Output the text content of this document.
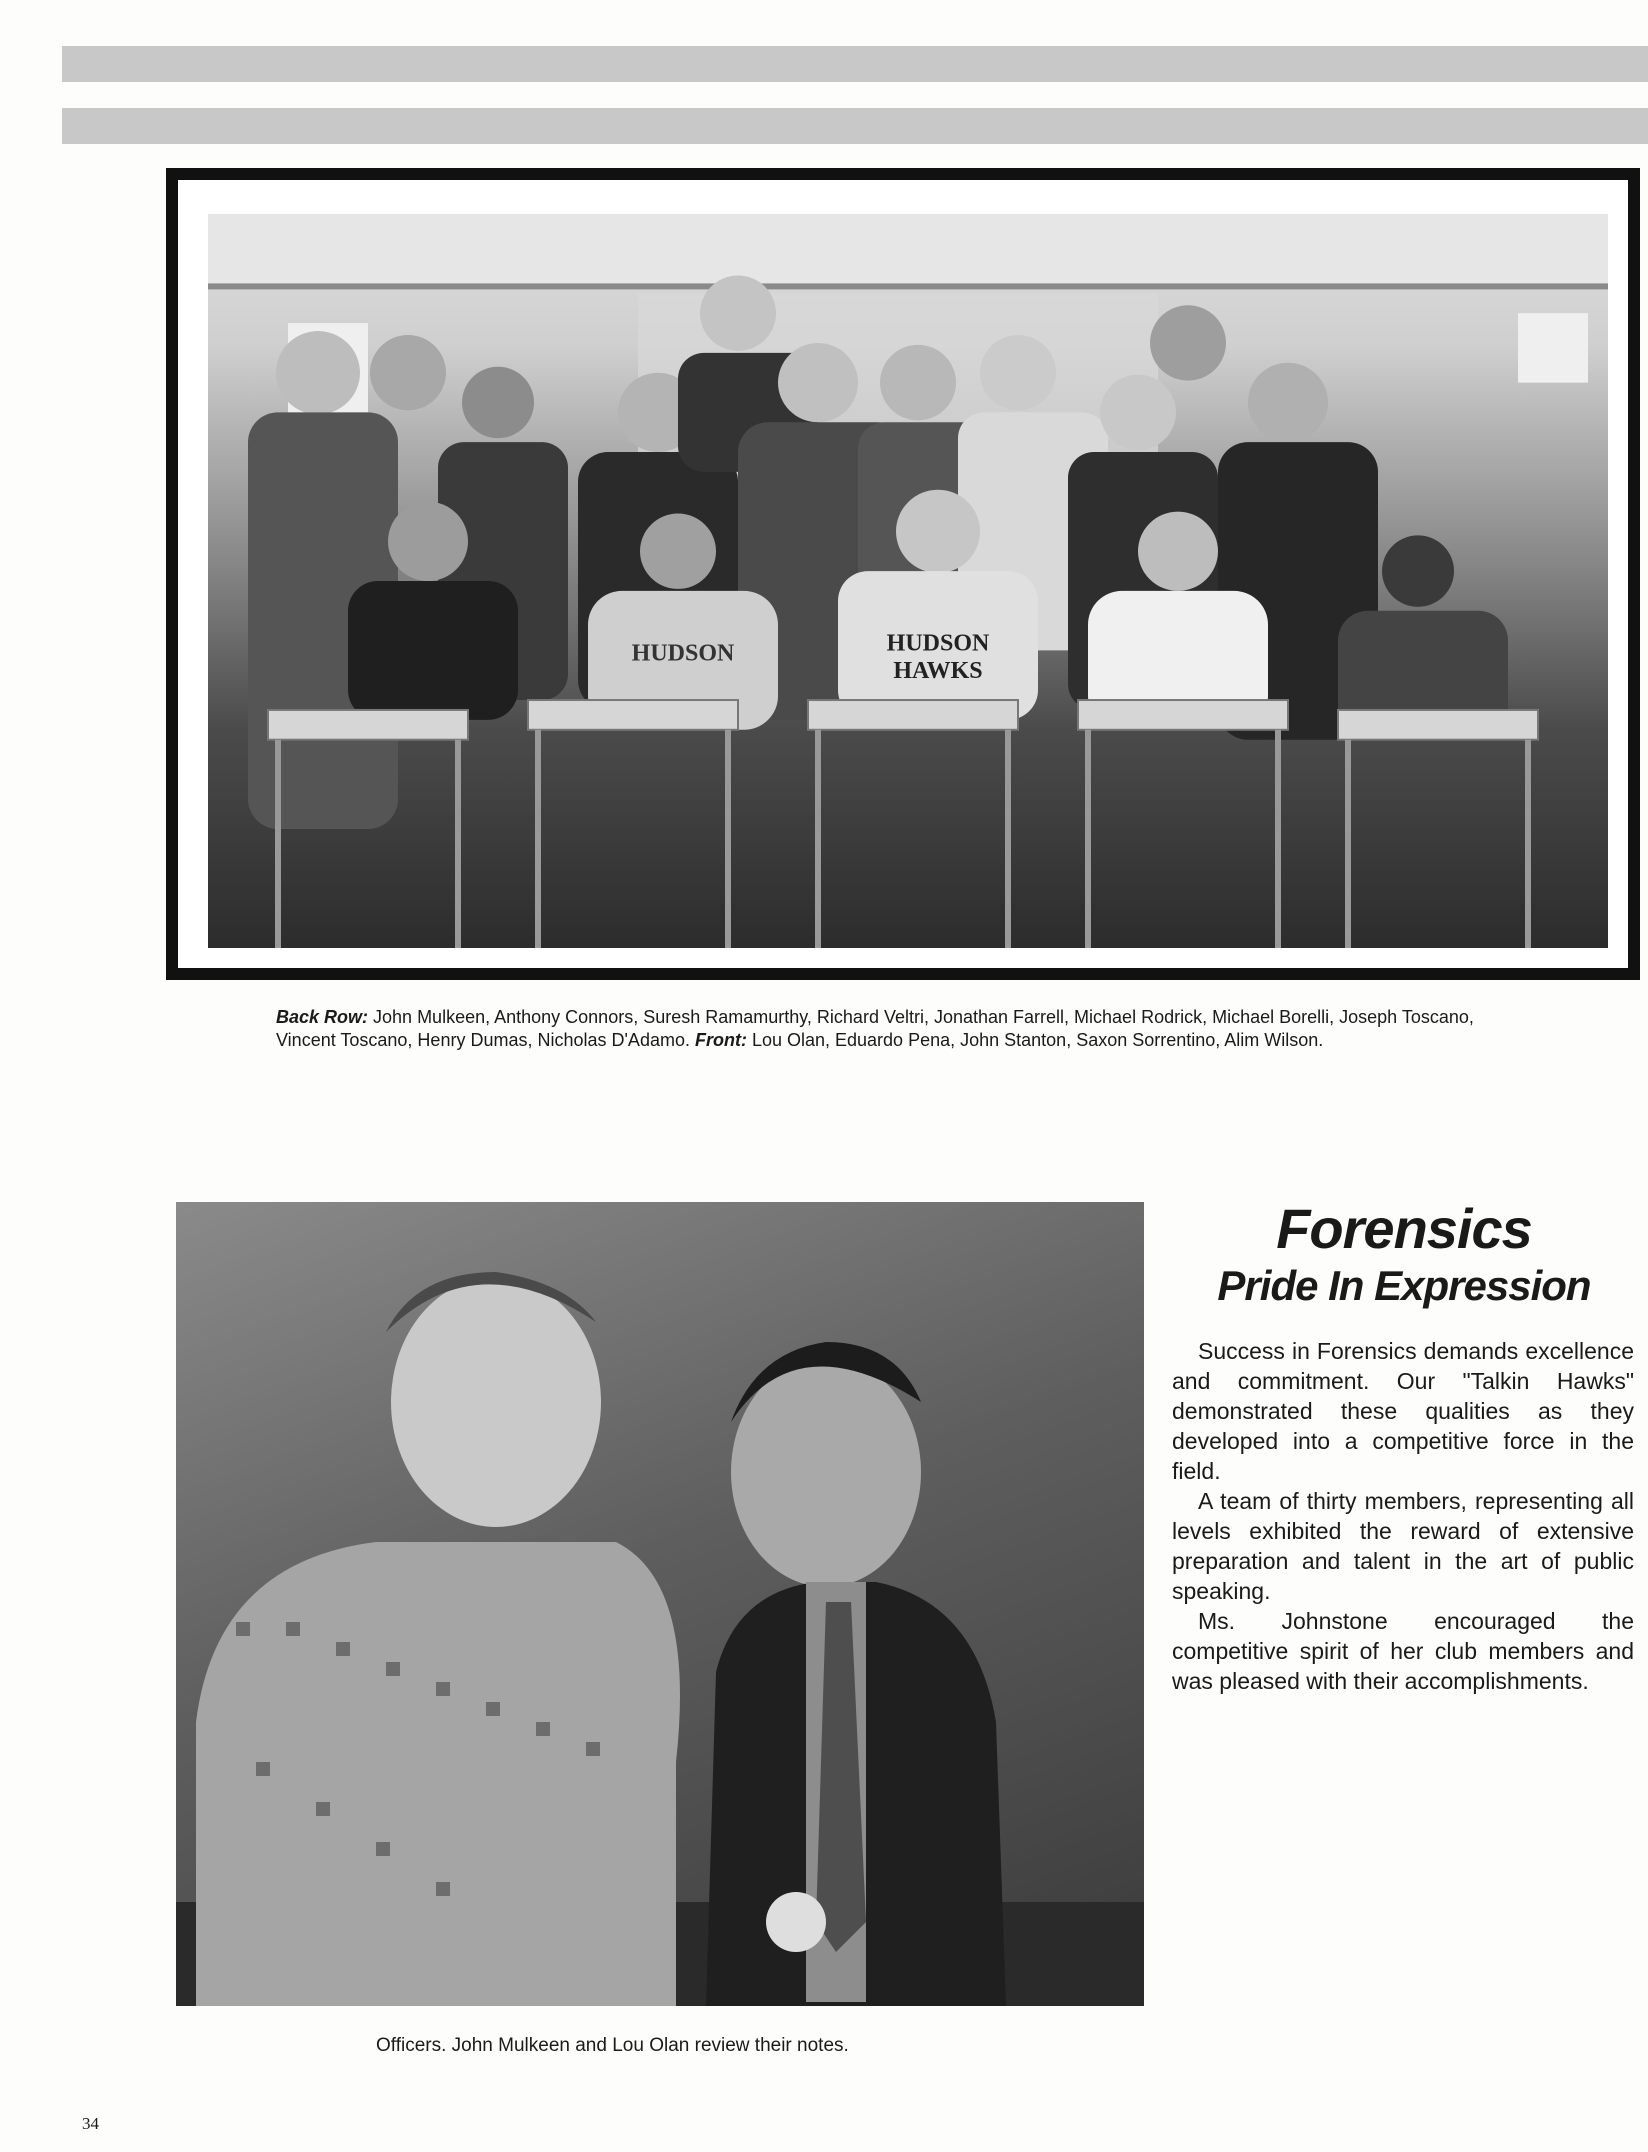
HUDSON	HUDSON
HAWKS
Back Row: John Mulkeen, Anthony Connors, Suresh Ramamurthy, Richard Veltri, Jonathan Farrell, Michael Rodrick, Michael Borelli, Joseph Toscano, Vincent Toscano, Henry Dumas, Nicholas D'Adamo. Front: Lou Olan, Eduardo Pena, John Stanton, Saxon Sorrentino, Alim Wilson.
Forensics
Pride In Expression

Success in Forensics demands excellence and commitment. Our "Talkin Hawks" demonstrated these qualities as they developed into a competitive force in the field.

A team of thirty members, representing all levels exhibited the reward of extensive preparation and talent in the art of public speaking.

Ms. Johnstone encouraged the competitive spirit of her club members and was pleased with their accomplishments.

Officers. John Mulkeen and Lou Olan review their notes.
34
